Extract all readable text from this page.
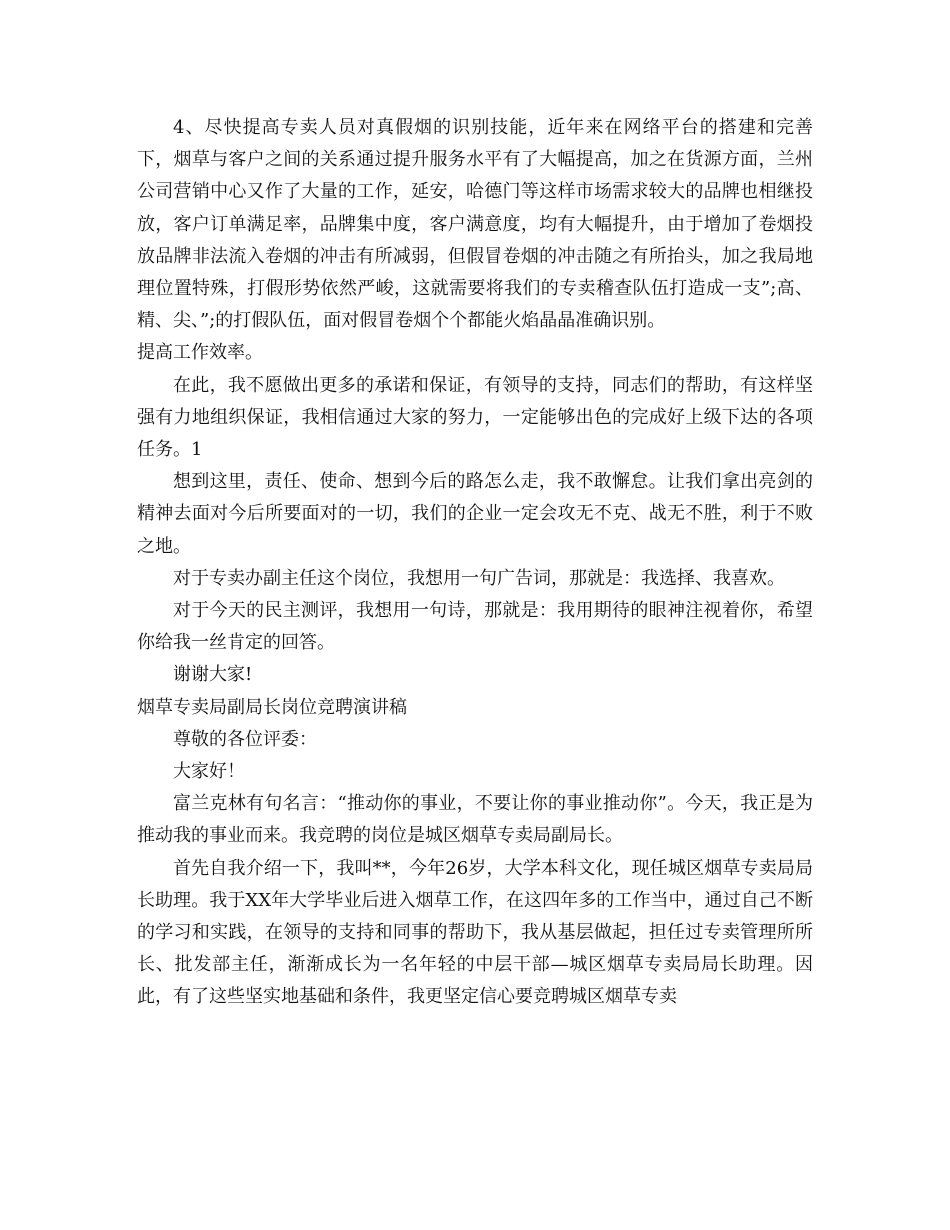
4、尽快提高专卖人员对真假烟的识别技能，近年来在网络平台的搭建和完善下，烟草与客户之间的关系通过提升服务水平有了大幅提高，加之在货源方面，兰州公司营销中心又作了大量的工作，延安，哈德门等这样市场需求较大的品牌也相继投放，客户订单满足率，品牌集中度，客户满意度，均有大幅提升，由于增加了卷烟投放品牌非法流入卷烟的冲击有所减弱，但假冒卷烟的冲击随之有所抬头，加之我局地理位置特殊，打假形势依然严峻，这就需要将我们的专卖稽查队伍打造成一支”;高、精、尖、”;的打假队伍，面对假冒卷烟个个都能火焰晶晶准确识别。

提高工作效率。

在此，我不愿做出更多的承诺和保证，有领导的支持，同志们的帮助，有这样坚强有力地组织保证，我相信通过大家的努力，一定能够出色的完成好上级下达的各项任务。1

想到这里，责任、使命、想到今后的路怎么走，我不敢懈怠。让我们拿出亮剑的精神去面对今后所要面对的一切，我们的企业一定会攻无不克、战无不胜，利于不败之地。

对于专卖办副主任这个岗位，我想用一句广告词，那就是：我选择、我喜欢。

对于今天的民主测评，我想用一句诗，那就是：我用期待的眼神注视着你，希望你给我一丝肯定的回答。

谢谢大家!

烟草专卖局副局长岗位竞聘演讲稿

尊敬的各位评委：

大家好！

富兰克林有句名言：“推动你的事业，不要让你的事业推动你”。今天，我正是为推动我的事业而来。我竞聘的岗位是城区烟草专卖局副局长。

首先自我介绍一下，我叫**，今年26岁，大学本科文化，现任城区烟草专卖局局长助理。我于XX年大学毕业后进入烟草工作，在这四年多的工作当中，通过自己不断的学习和实践，在领导的支持和同事的帮助下，我从基层做起，担任过专卖管理所所长、批发部主任，渐渐成长为一名年轻的中层干部—城区烟草专卖局局长助理。因此，有了这些坚实地基础和条件，我更坚定信心要竞聘城区烟草专卖
